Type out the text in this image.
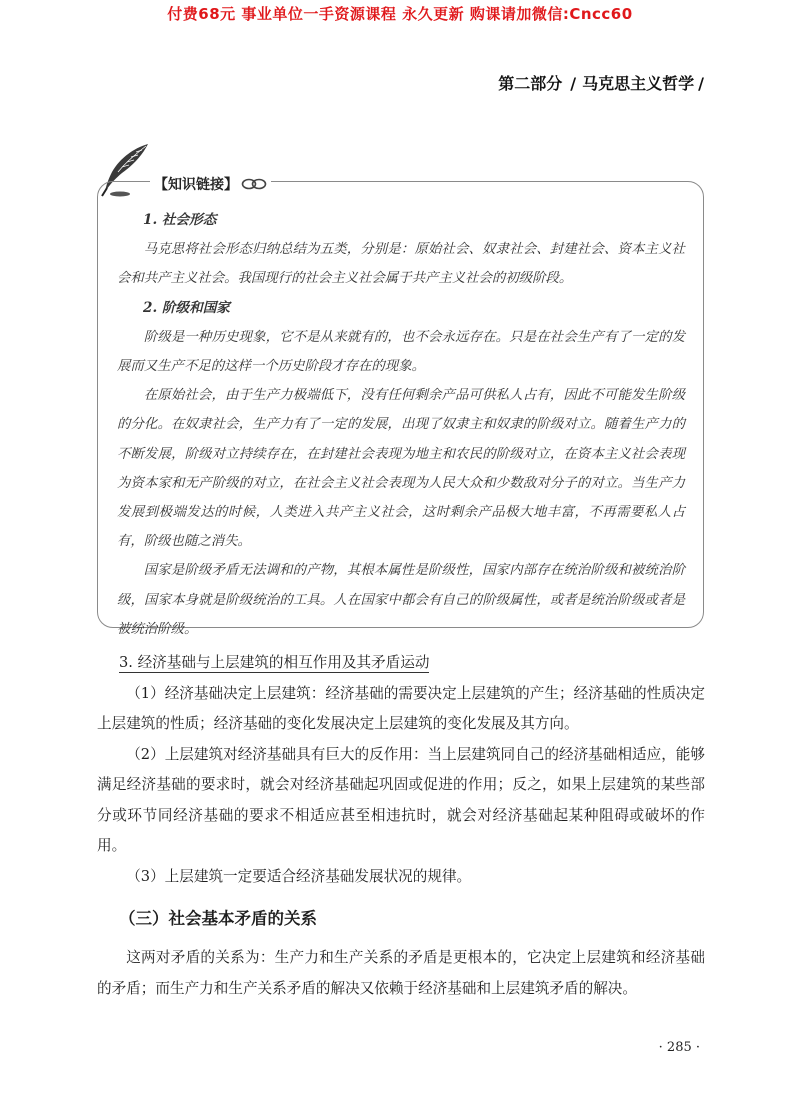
付费68元 事业单位一手资源课程 永久更新 购课请加微信:Cncc60
第二部分 / 马克思主义哲学 /
【知识链接】
1. 社会形态

马克思将社会形态归纳总结为五类，分别是：原始社会、奴隶社会、封建社会、资本主义社会和共产主义社会。我国现行的社会主义社会属于共产主义社会的初级阶段。

2. 阶级和国家

阶级是一种历史现象，它不是从来就有的，也不会永远存在。只是在社会生产有了一定的发展而又生产不足的这样一个历史阶段才存在的现象。

在原始社会，由于生产力极端低下，没有任何剩余产品可供私人占有，因此不可能发生阶级的分化。在奴隶社会，生产力有了一定的发展，出现了奴隶主和奴隶的阶级对立。随着生产力的不断发展，阶级对立持续存在，在封建社会表现为地主和农民的阶级对立，在资本主义社会表现为资本家和无产阶级的对立，在社会主义社会表现为人民大众和少数敌对分子的对立。当生产力发展到极端发达的时候，人类进入共产主义社会，这时剩余产品极大地丰富，不再需要私人占有，阶级也随之消失。

国家是阶级矛盾无法调和的产物，其根本属性是阶级性，国家内部存在统治阶级和被统治阶级，国家本身就是阶级统治的工具。人在国家中都会有自己的阶级属性，或者是统治阶级或者是被统治阶级。

3. 经济基础与上层建筑的相互作用及其矛盾运动

（1）经济基础决定上层建筑：经济基础的需要决定上层建筑的产生；经济基础的性质决定上层建筑的性质；经济基础的变化发展决定上层建筑的变化发展及其方向。

（2）上层建筑对经济基础具有巨大的反作用：当上层建筑同自己的经济基础相适应，能够满足经济基础的要求时，就会对经济基础起巩固或促进的作用；反之，如果上层建筑的某些部分或环节同经济基础的要求不相适应甚至相违抗时，就会对经济基础起某种阻碍或破坏的作用。

（3）上层建筑一定要适合经济基础发展状况的规律。

（三）社会基本矛盾的关系

这两对矛盾的关系为：生产力和生产关系的矛盾是更根本的，它决定上层建筑和经济基础的矛盾；而生产力和生产关系矛盾的解决又依赖于经济基础和上层建筑矛盾的解决。

· 285 ·
